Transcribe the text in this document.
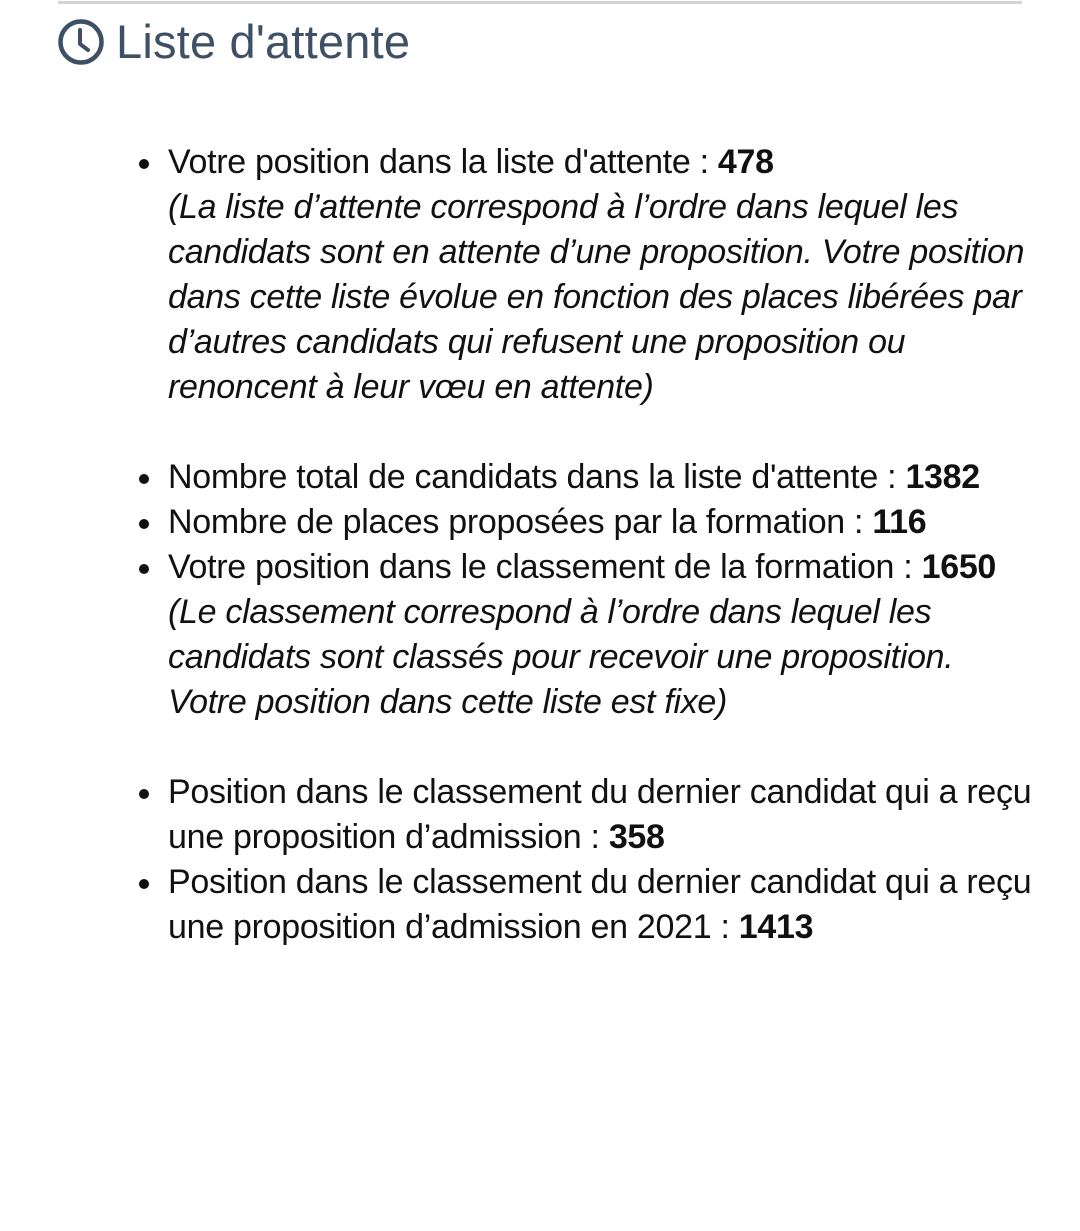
Liste d'attente
Votre position dans la liste d'attente : 478
(La liste d’attente correspond à l’ordre dans lequel les candidats sont en attente d’une proposition. Votre position dans cette liste évolue en fonction des places libérées par d’autres candidats qui refusent une proposition ou renoncent à leur vœu en attente)
Nombre total de candidats dans la liste d'attente : 1382
Nombre de places proposées par la formation : 116
Votre position dans le classement de la formation : 1650
(Le classement correspond à l’ordre dans lequel les candidats sont classés pour recevoir une proposition. Votre position dans cette liste est fixe)
Position dans le classement du dernier candidat qui a reçu une proposition d’admission : 358
Position dans le classement du dernier candidat qui a reçu une proposition d’admission en 2021 : 1413
